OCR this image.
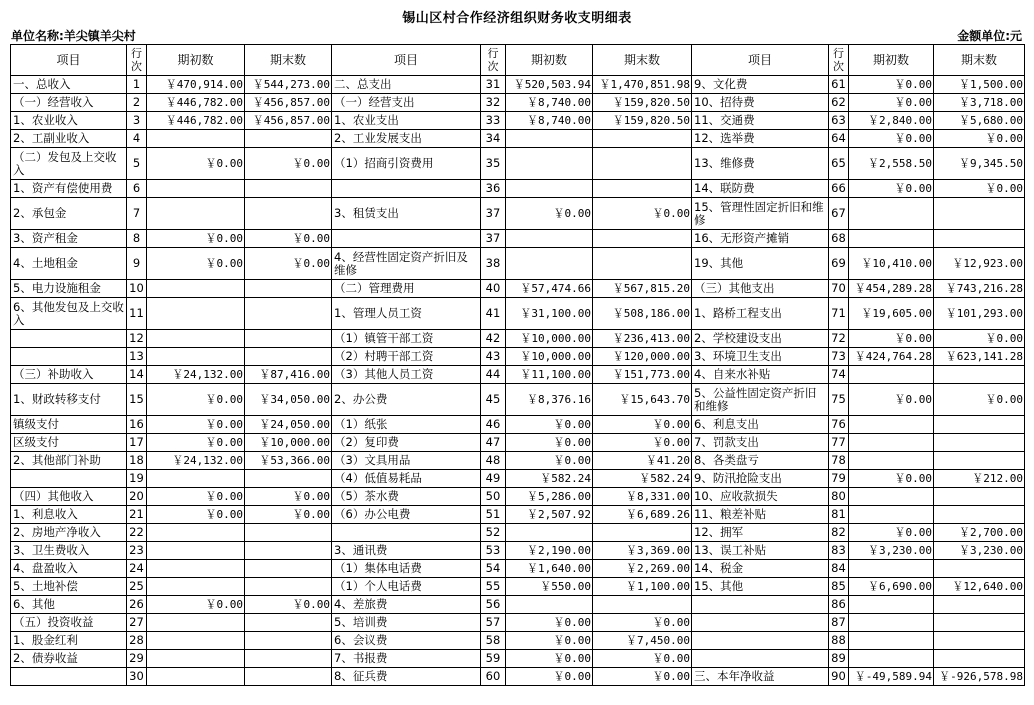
锡山区村合作经济组织财务收支明细表
单位名称:羊尖镇羊尖村	金额单位:元
项目	行次	期初数	期末数	项目	行次	期初数	期末数	项目	行次	期初数	期末数
一、总收入	1	￥470,914.00	￥544,273.00	二、总支出	31	￥520,503.94	￥1,470,851.98	9、文化费	61	￥0.00	￥1,500.00
（一）经营收入	2	￥446,782.00	￥456,857.00	（一）经营支出	32	￥8,740.00	￥159,820.50	10、招待费	62	￥0.00	￥3,718.00
1、农业收入	3	￥446,782.00	￥456,857.00	1、农业支出	33	￥8,740.00	￥159,820.50	11、交通费	63	￥2,840.00	￥5,680.00
2、工副业收入	4			2、工业发展支出	34			12、选举费	64	￥0.00	￥0.00
（二）发包及上交收入	5	￥0.00	￥0.00	（1）招商引资费用	35			13、维修费	65	￥2,558.50	￥9,345.50
1、资产有偿使用费	6				36			14、联防费	66	￥0.00	￥0.00
2、承包金	7			3、租赁支出	37	￥0.00	￥0.00	15、管理性固定折旧和维修	67		
3、资产租金	8	￥0.00	￥0.00		37			16、无形资产摊销	68		
4、土地租金	9	￥0.00	￥0.00	4、经营性固定资产折旧及维修	38			19、其他	69	￥10,410.00	￥12,923.00
5、电力设施租金	10			（二）管理费用	40	￥57,474.66	￥567,815.20	（三）其他支出	70	￥454,289.28	￥743,216.28
6、其他发包及上交收入	11			1、管理人员工资	41	￥31,100.00	￥508,186.00	1、路桥工程支出	71	￥19,605.00	￥101,293.00
	12			（1）镇管干部工资	42	￥10,000.00	￥236,413.00	2、学校建设支出	72	￥0.00	￥0.00
	13			（2）村聘干部工资	43	￥10,000.00	￥120,000.00	3、环境卫生支出	73	￥424,764.28	￥623,141.28
（三）补助收入	14	￥24,132.00	￥87,416.00	（3）其他人员工资	44	￥11,100.00	￥151,773.00	4、自来水补贴	74		
1、财政转移支付	15	￥0.00	￥34,050.00	2、办公费	45	￥8,376.16	￥15,643.70	5、公益性固定资产折旧和维修	75	￥0.00	￥0.00
镇级支付	16	￥0.00	￥24,050.00	（1）纸张	46	￥0.00	￥0.00	6、利息支出	76		
区级支付	17	￥0.00	￥10,000.00	（2）复印费	47	￥0.00	￥0.00	7、罚款支出	77		
2、其他部门补助	18	￥24,132.00	￥53,366.00	（3）文具用品	48	￥0.00	￥41.20	8、各类盘亏	78		
	19			（4）低值易耗品	49	￥582.24	￥582.24	9、防汛抢险支出	79	￥0.00	￥212.00
（四）其他收入	20	￥0.00	￥0.00	（5）茶水费	50	￥5,286.00	￥8,331.00	10、应收款损失	80		
1、利息收入	21	￥0.00	￥0.00	（6）办公电费	51	￥2,507.92	￥6,689.26	11、粮差补贴	81		
2、房地产净收入	22				52			12、拥军	82	￥0.00	￥2,700.00
3、卫生费收入	23			3、通讯费	53	￥2,190.00	￥3,369.00	13、误工补贴	83	￥3,230.00	￥3,230.00
4、盘盈收入	24			（1）集体电话费	54	￥1,640.00	￥2,269.00	14、税金	84		
5、土地补偿	25			（1）个人电话费	55	￥550.00	￥1,100.00	15、其他	85	￥6,690.00	￥12,640.00
6、其他	26	￥0.00	￥0.00	4、差旅费	56				86		
（五）投资收益	27			5、培训费	57	￥0.00	￥0.00		87		
1、股金红利	28			6、会议费	58	￥0.00	￥7,450.00		88		
2、债券收益	29			7、书报费	59	￥0.00	￥0.00		89		
	30			8、征兵费	60	￥0.00	￥0.00	三、本年净收益	90	￥-49,589.94	￥-926,578.98
